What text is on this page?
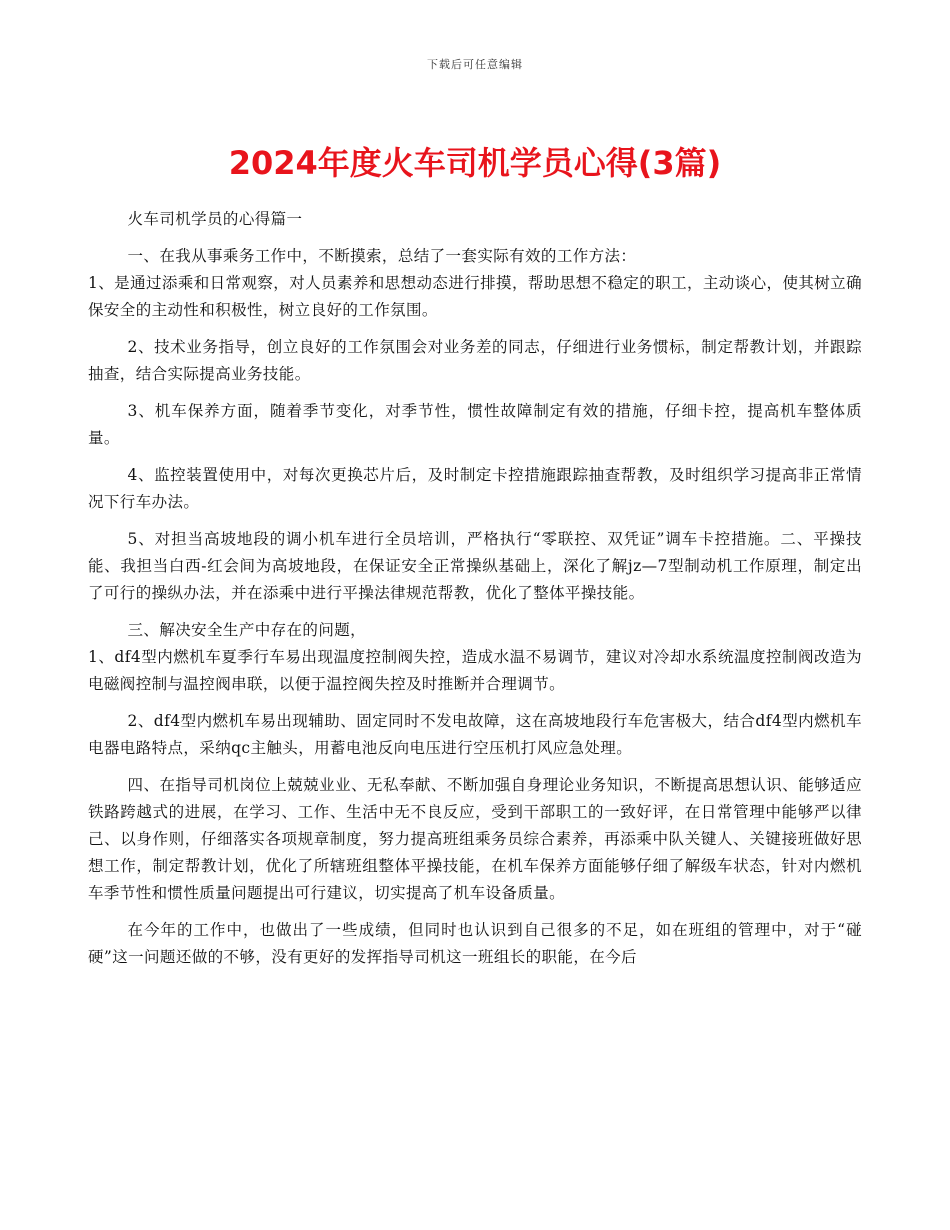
下载后可任意编辑
2024年度火车司机学员心得(3篇)

火车司机学员的心得篇一

一、在我从事乘务工作中，不断摸索，总结了一套实际有效的工作方法：

1、是通过添乘和日常观察，对人员素养和思想动态进行排摸，帮助思想不稳定的职工，主动谈心，使其树立确保安全的主动性和积极性，树立良好的工作氛围。

2、技术业务指导，创立良好的工作氛围会对业务差的同志，仔细进行业务惯标，制定帮教计划，并跟踪抽查，结合实际提高业务技能。

3、机车保养方面，随着季节变化，对季节性，惯性故障制定有效的措施，仔细卡控，提高机车整体质量。

4、监控装置使用中，对每次更换芯片后，及时制定卡控措施跟踪抽查帮教，及时组织学习提高非正常情况下行车办法。

5、对担当高坡地段的调小机车进行全员培训，严格执行“零联控、双凭证”调车卡控措施。二、平操技能、我担当白西-红会间为高坡地段，在保证安全正常操纵基础上，深化了解jz—7型制动机工作原理，制定出了可行的操纵办法，并在添乘中进行平操法律规范帮教，优化了整体平操技能。

三、解决安全生产中存在的问题，

1、df4型内燃机车夏季行车易出现温度控制阀失控，造成水温不易调节，建议对冷却水系统温度控制阀改造为电磁阀控制与温控阀串联，以便于温控阀失控及时推断并合理调节。

2、df4型内燃机车易出现辅助、固定同时不发电故障，这在高坡地段行车危害极大，结合df4型内燃机车电器电路特点，采纳qc主触头，用蓄电池反向电压进行空压机打风应急处理。

四、在指导司机岗位上兢兢业业、无私奉献、不断加强自身理论业务知识，不断提高思想认识、能够适应铁路跨越式的进展，在学习、工作、生活中无不良反应，受到干部职工的一致好评，在日常管理中能够严以律己、以身作则，仔细落实各项规章制度，努力提高班组乘务员综合素养，再添乘中队关键人、关键接班做好思想工作，制定帮教计划，优化了所辖班组整体平操技能，在机车保养方面能够仔细了解级车状态，针对内燃机车季节性和惯性质量问题提出可行建议，切实提高了机车设备质量。

在今年的工作中，也做出了一些成绩，但同时也认识到自己很多的不足，如在班组的管理中，对于“碰硬”这一问题还做的不够，没有更好的发挥指导司机这一班组长的职能，在今后
